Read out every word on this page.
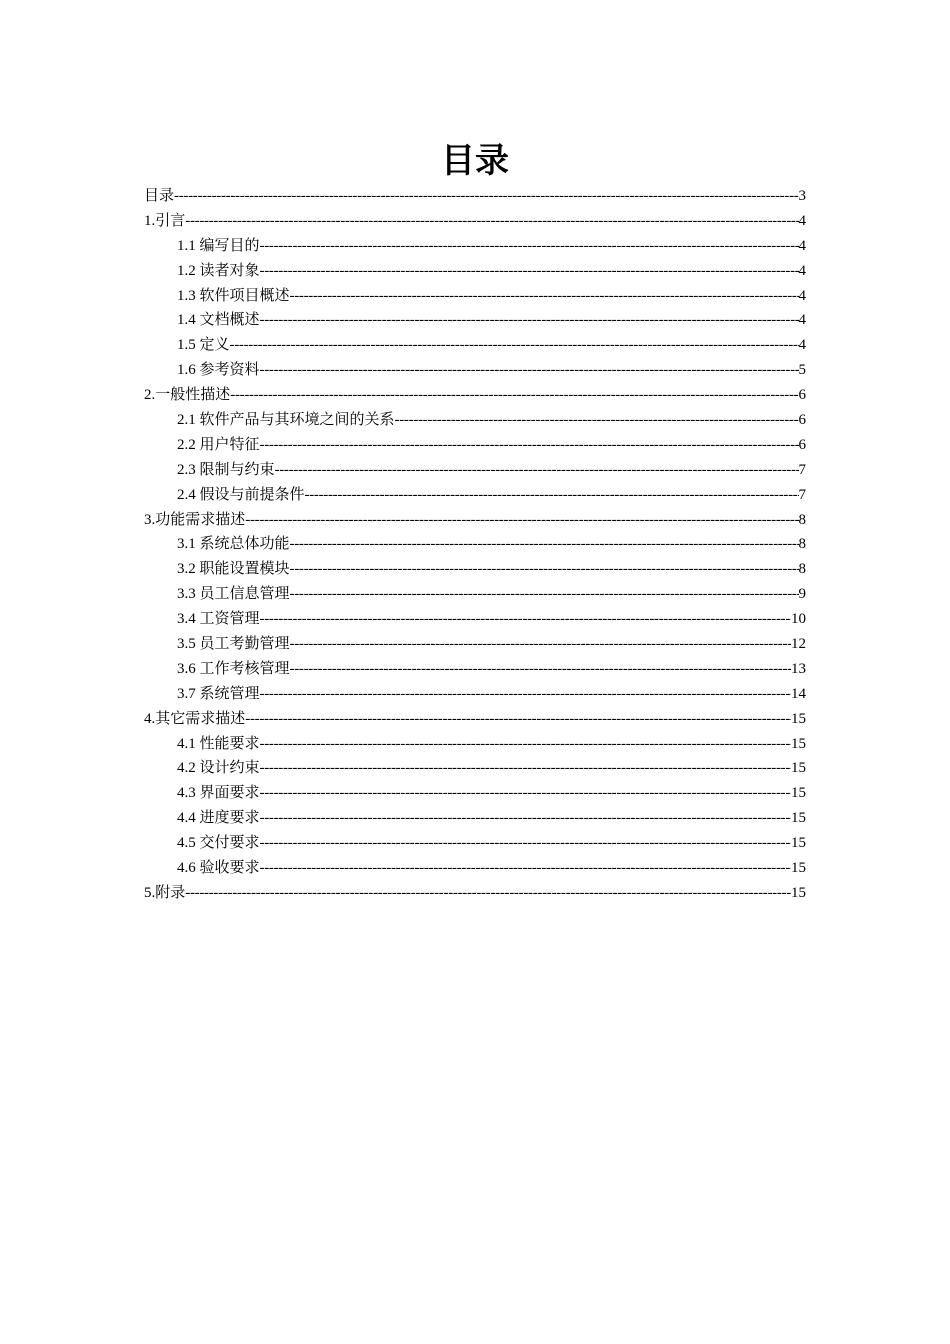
目录
目录 -----	3
1.引言 -----	4
1.1 编写目的 -----	4
1.2 读者对象 -----	4
1.3 软件项目概述 -----	4
1.4 文档概述 -----	4
1.5 定义 -----	4
1.6 参考资料 -----	5
2.一般性描述 -----	6
2.1 软件产品与其环境之间的关系 -----	6
2.2 用户特征 -----	6
2.3 限制与约束 -----	7
2.4 假设与前提条件 -----	7
3.功能需求描述 -----	8
3.1 系统总体功能 -----	8
3.2 职能设置模块 -----	8
3.3 员工信息管理 -----	9
3.4 工资管理 -----	10
3.5 员工考勤管理 -----	12
3.6 工作考核管理 -----	13
3.7 系统管理 -----	14
4.其它需求描述 -----	15
4.1 性能要求 -----	15
4.2 设计约束 -----	15
4.3 界面要求 -----	15
4.4 进度要求 -----	15
4.5 交付要求 -----	15
4.6 验收要求 -----	15
5.附录 -----	15
